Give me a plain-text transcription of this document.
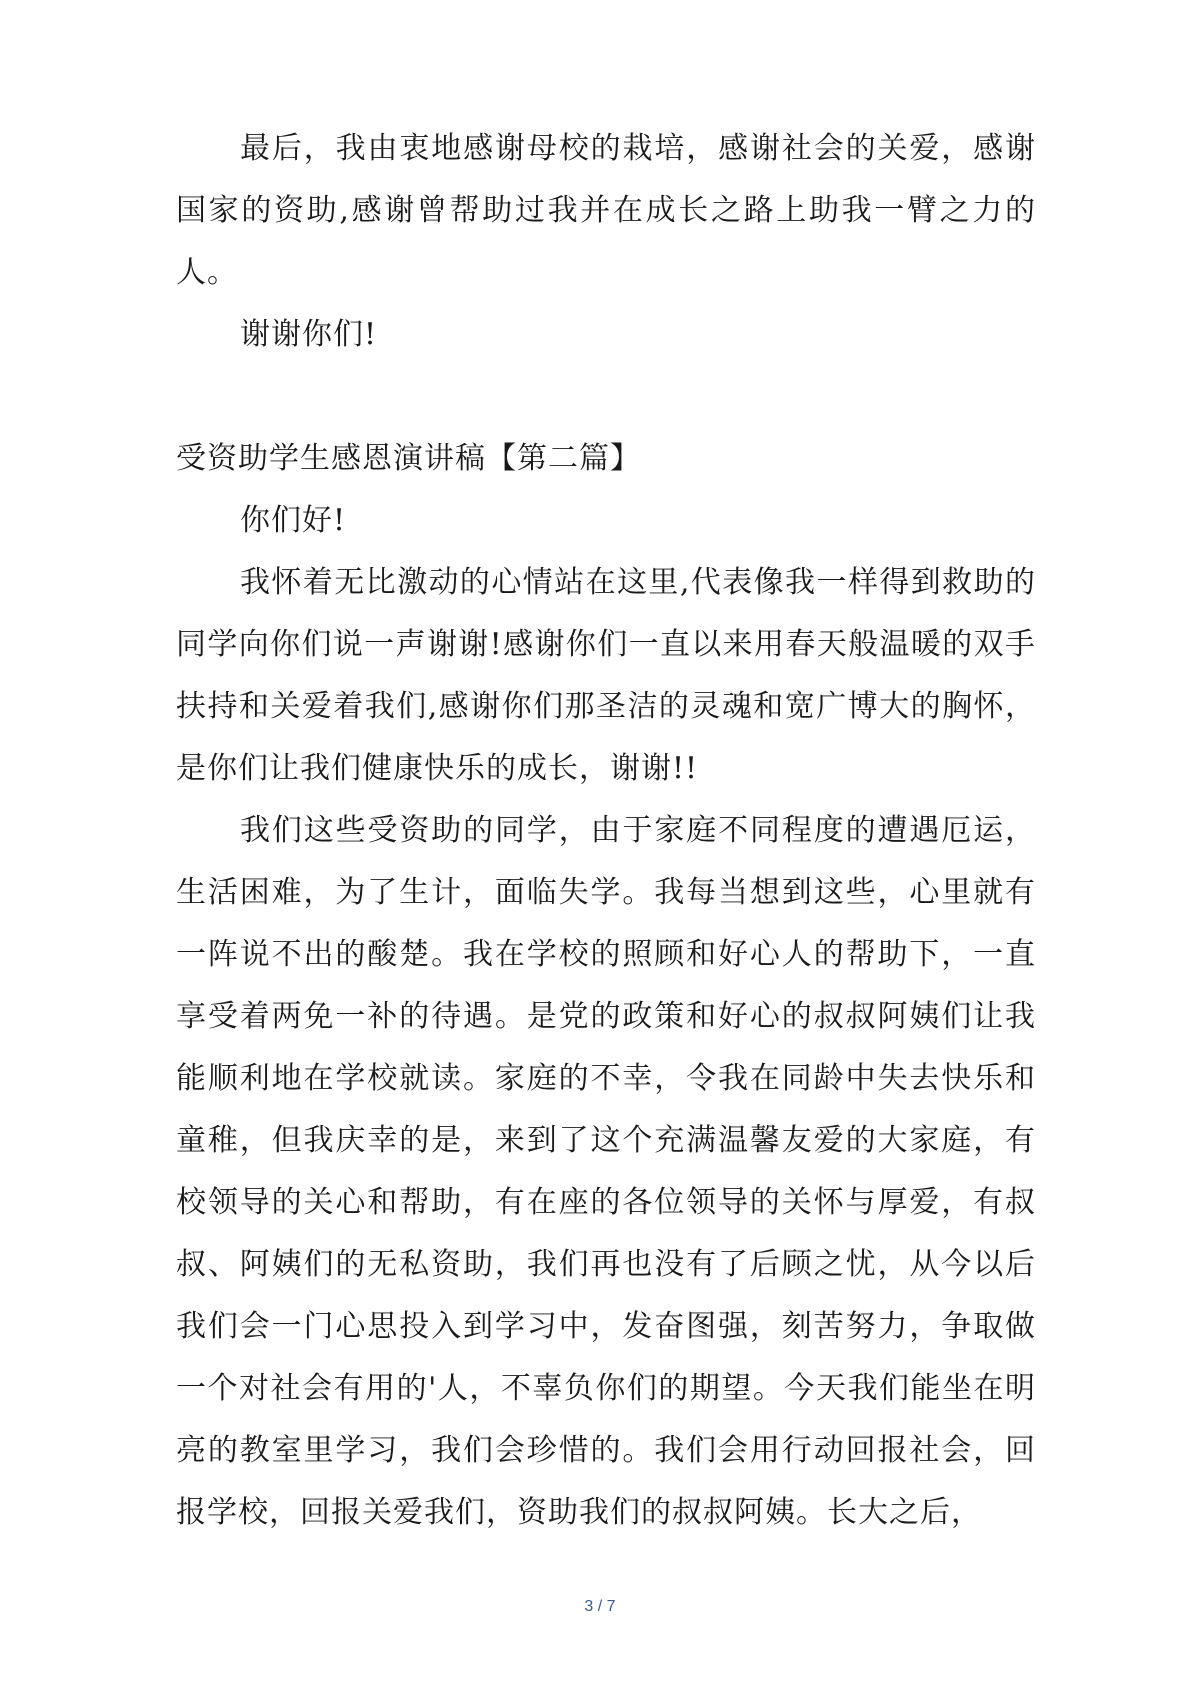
最后，我由衷地感谢母校的栽培，感谢社会的关爱，感谢国家的资助,感谢曾帮助过我并在成长之路上助我一臂之力的人。

谢谢你们!

受资助学生感恩演讲稿【第二篇】

你们好!

我怀着无比激动的心情站在这里,代表像我一样得到救助的同学向你们说一声谢谢!感谢你们一直以来用春天般温暖的双手扶持和关爱着我们,感谢你们那圣洁的灵魂和宽广博大的胸怀，是你们让我们健康快乐的成长，谢谢!!

我们这些受资助的同学，由于家庭不同程度的遭遇厄运，生活困难，为了生计，面临失学。我每当想到这些，心里就有一阵说不出的酸楚。我在学校的照顾和好心人的帮助下，一直享受着两免一补的待遇。是党的政策和好心的叔叔阿姨们让我能顺利地在学校就读。家庭的不幸，令我在同龄中失去快乐和童稚，但我庆幸的是，来到了这个充满温馨友爱的大家庭，有校领导的关心和帮助，有在座的各位领导的关怀与厚爱，有叔叔、阿姨们的无私资助，我们再也没有了后顾之忧，从今以后我们会一门心思投入到学习中，发奋图强，刻苦努力，争取做一个对社会有用的'人，不辜负你们的期望。今天我们能坐在明亮的教室里学习，我们会珍惜的。我们会用行动回报社会，回报学校，回报关爱我们，资助我们的叔叔阿姨。长大之后，

3 / 7
